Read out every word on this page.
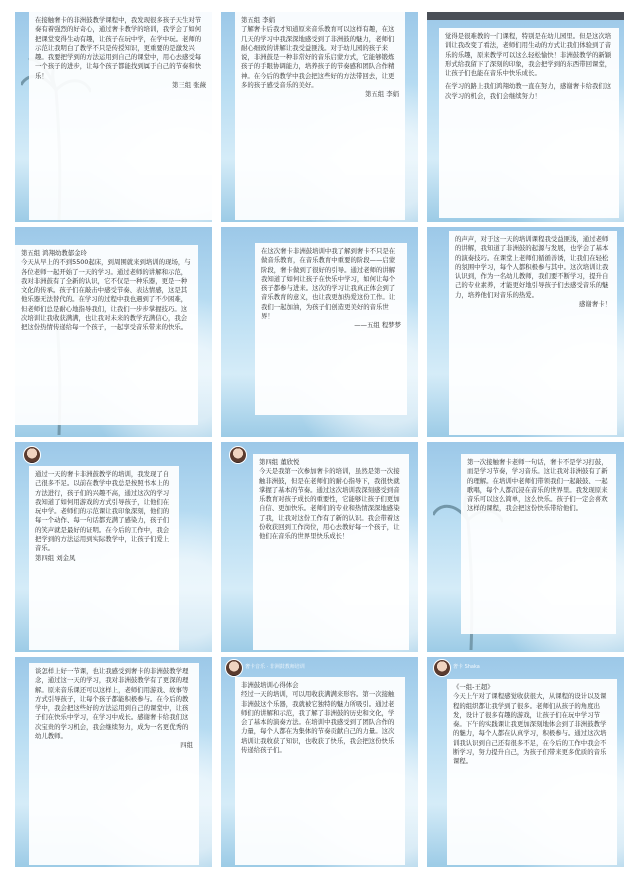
在接触奢卡的非洲鼓教学课程中，我发现很多孩子天生对节奏有着强烈的好奇心，通过奢卡教学的培训，我学会了如何把课堂变得生动有趣，让孩子在玩中学，在学中玩。老师的示范让我明白了教学不只是传授知识，更重要的是激发兴趣。我要把学到的方法运用到自己的课堂中，用心去感受每一个孩子的进步，让每个孩子都能找到属于自己的节奏和快乐！

第三组 张薇

第五组 李娟

了解奢卡后我才知道原来音乐教育可以这样有趣，在这几天的学习中我深深地感受到了非洲鼓的魅力，老师们耐心细致的讲解让我受益匪浅。对于幼儿园的孩子来说，非洲鼓是一种非常好的音乐启蒙方式，它能够锻炼孩子的手眼协调能力，培养孩子的节奏感和团队合作精神。在今后的教学中我会把这些好的方法带回去，让更多的孩子感受音乐的美好。

第五组 李娟

觉得是很难教的一门课程，特别是在幼儿园里。但是这次培训让我改变了看法，老师们用生动的方式让我们体验到了音乐的乐趣，原来教学可以这么轻松愉快！非洲鼓教学的新颖形式给我留下了深刻的印象，我会把学到的东西带回课堂，让孩子们也能在音乐中快乐成长。

在学习的路上我们鸿翔幼教一直在努力，感谢奢卡给我们这次学习的机会，我们会继续努力！

第五组 鸿翔幼教郁金玲

今天从早上的不到5500起床，到周围就来到培训的现场，与各位老师一起开始了一天的学习。通过老师的讲解和示范，我对非洲鼓有了全新的认识，它不仅是一种乐器，更是一种文化的传承。孩子们在敲击中感受节奏、表达情感，这是其他乐器无法替代的。在学习的过程中我也遇到了不少困难，但老师们总是耐心地指导我们，让我们一步步掌握技巧。这次培训让我收获满满，也让我对未来的教学充满信心，我会把这份热情传递给每一个孩子，一起享受音乐带来的快乐。

在这次奢卡非洲鼓培训中我了解到奢卡不只是在做音乐教育，在音乐教育中重要的阶段——启蒙阶段，奢卡做到了很好的引导。通过老师的讲解我知道了如何让孩子在快乐中学习，如何让每个孩子都参与进来。这次的学习让我真正体会到了音乐教育的意义，也让我更加热爱这份工作。让我们一起加油，为孩子们创造更美好的音乐世界！

——五组 程梦梦

的声声，对于这一天的培训课程我受益匪浅，通过老师的讲解，我知道了非洲鼓的起源与发展，也学会了基本的演奏技巧。在课堂上老师们循循善诱，让我们在轻松的氛围中学习，每个人都积极参与其中。这次培训让我认识到，作为一名幼儿教师，我们要不断学习，提升自己的专业素养，才能更好地引导孩子们去感受音乐的魅力，培养他们对音乐的热爱。

感谢奢卡！

通过一天的奢卡非洲鼓教学的培训，我发现了自己很多不足。以前在教学中我总是按照书本上的方法进行，孩子们的兴趣不高，通过这次的学习我知道了如何用游戏的方式引导孩子，让他们在玩中学。老师们的示范课让我印象深刻，他们的每一个动作、每一句话都充满了感染力，孩子们的笑声就是最好的证明。在今后的工作中，我会把学到的方法运用到实际教学中，让孩子们爱上音乐。

第四组 刘金凤

第四组 董欣悦

今天是我第一次参加奢卡的培训，虽然是第一次接触非洲鼓，但是在老师们的耐心指导下，我很快就掌握了基本的节奏。通过这次培训我深刻感受到音乐教育对孩子成长的重要性，它能够让孩子们更加自信、更加快乐。老师们的专业和热情深深地感染了我，让我对这份工作有了新的认识。我会带着这份收获回到工作岗位，用心去教好每一个孩子，让他们在音乐的世界里快乐成长！

第一次接触奢卡老师一句话，奢卡不是学习打鼓，而是学习节奏，学习音乐。这让我对非洲鼓有了新的理解。在培训中老师们带领我们一起敲鼓、一起歌唱，每个人都沉浸在音乐的世界里。我发现原来音乐可以这么简单，这么快乐。孩子们一定会喜欢这样的课程，我会把这份快乐带给他们。

谈怎样上好一节课，也让我感受到奢卡的非洲鼓教学理念，通过这一天的学习，我对非洲鼓教学有了更深的理解。原来音乐课还可以这样上，老师们用游戏、故事等方式引导孩子，让每个孩子都能积极参与。在今后的教学中，我会把这些好的方法运用到自己的课堂中，让孩子们在快乐中学习，在学习中成长。感谢奢卡给我们这次宝贵的学习机会，我会继续努力，成为一名更优秀的幼儿教师。

四组

奢卡音乐 · 非洲鼓教师培训

非洲鼓培训心得体会

经过一天的培训，可以用收获满满来形容。第一次接触非洲鼓这个乐器，我就被它独特的魅力所吸引。通过老师们的讲解和示范，我了解了非洲鼓的历史和文化，学会了基本的演奏方法。在培训中我感受到了团队合作的力量，每个人都在为集体的节奏贡献自己的力量。这次培训让我收获了知识，也收获了快乐，我会把这份快乐传递给孩子们。

奢卡 Shaka

《一组-王超》

今天上午对了课程感觉收获很大，从课程的设计以及课程的组织都让我学到了很多。老师们从孩子的角度出发，设计了很多有趣的游戏，让孩子们在玩中学习节奏。下午的实践课让我更加深刻地体会到了非洲鼓教学的魅力，每个人都在认真学习，积极参与。通过这次培训我认识到自己还有很多不足，在今后的工作中我会不断学习，努力提升自己，为孩子们带来更多优质的音乐课程。
